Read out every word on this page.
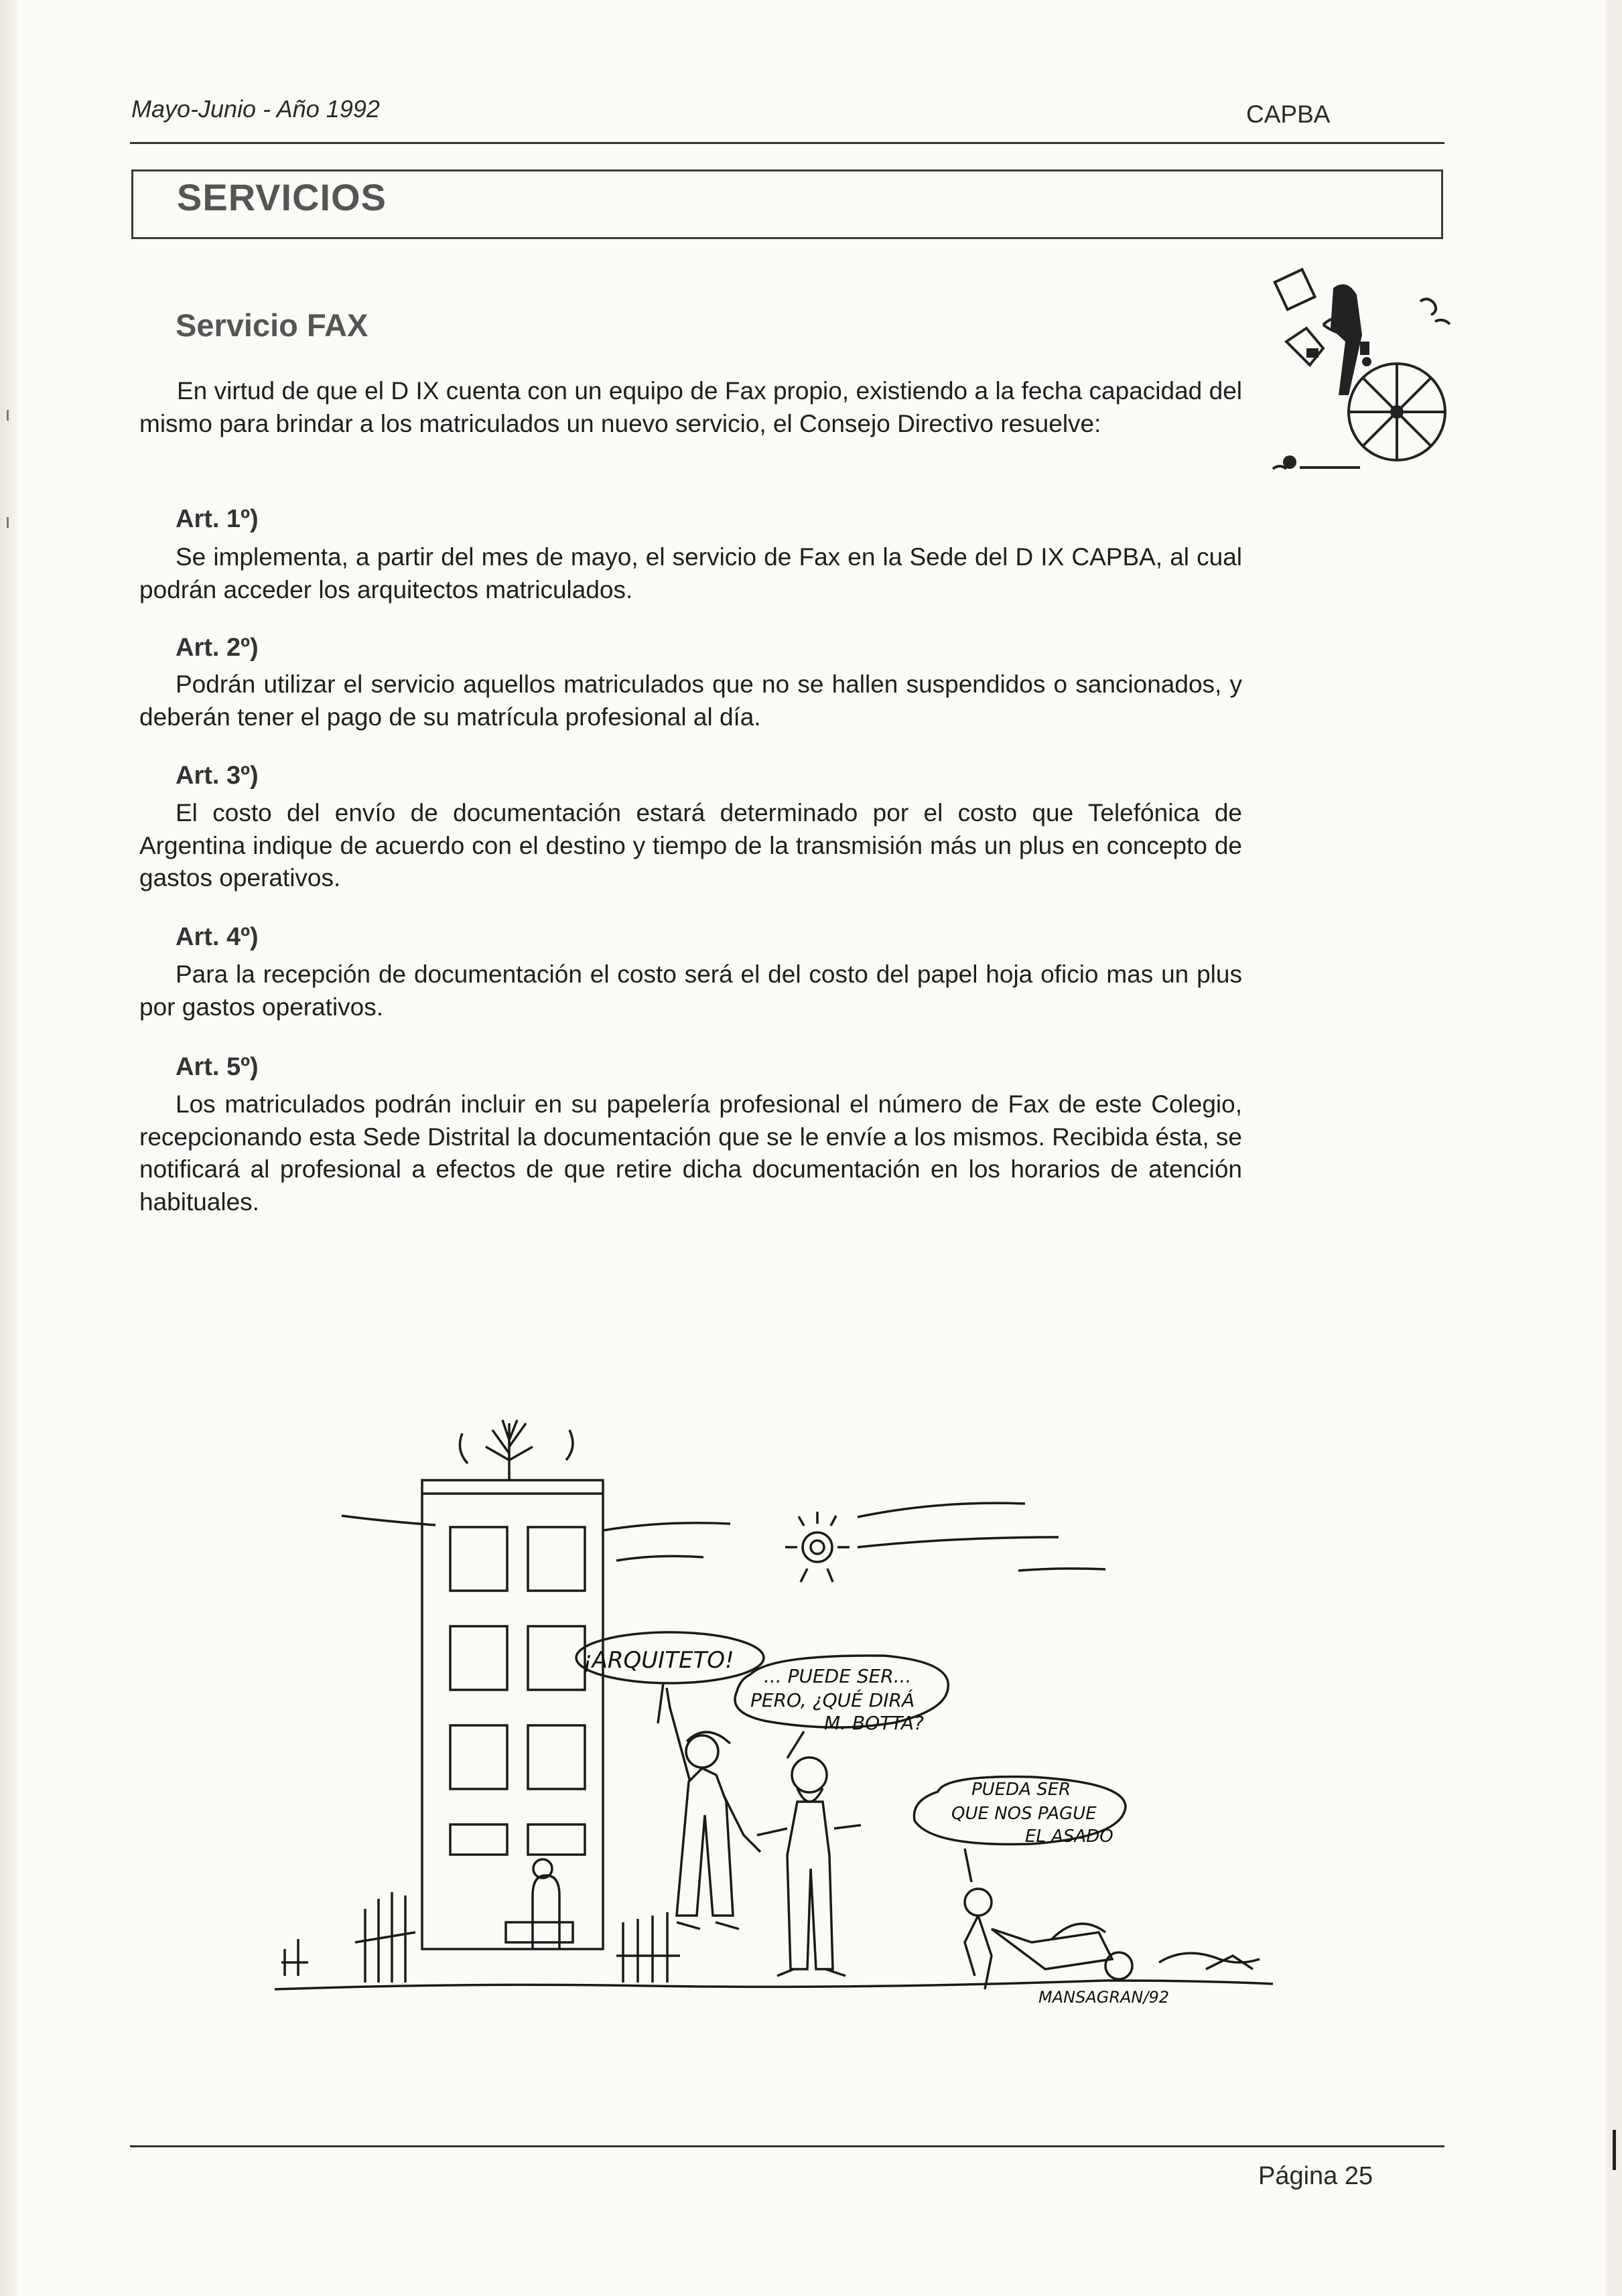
Mayo-Junio - Año 1992	CAPBA
SERVICIOS
Servicio FAX

En virtud de que el D IX cuenta con un equipo de Fax propio, existiendo a la fecha capacidad del mismo para brindar a los matriculados un nuevo servicio, el Consejo Directivo resuelve:

Art. 1º)

Se implementa, a partir del mes de mayo, el servicio de Fax en la Sede del D IX CAPBA, al cual podrán acceder los arquitectos matriculados.

Art. 2º)

Podrán utilizar el servicio aquellos matriculados que no se hallen suspendidos o sancionados, y deberán tener el pago de su matrícula profesional al día.

Art. 3º)

El costo del envío de documentación estará determinado por el costo que Telefónica de Argentina indique de acuerdo con el destino y tiempo de la transmisión más un plus en concepto de gastos operativos.

Art. 4º)

Para la recepción de documentación el costo será el del costo del papel hoja oficio mas un plus por gastos operativos.

Art. 5º)

Los matriculados podrán incluir en su papelería profesional el número de Fax de este Colegio, recepcionando esta Sede Distrital la documentación que se le envíe a los mismos. Recibida ésta, se notificará al profesional a efectos de que retire dicha documentación en los horarios de atención habituales.

¡ARQUITETO!
... PUEDE SER...
PERO, ¿QUÉ DIRÁ
M. BOTTA?
PUEDA SER
QUE NOS PAGUE
EL ASADO
MANSAGRAN/92
Página 25
